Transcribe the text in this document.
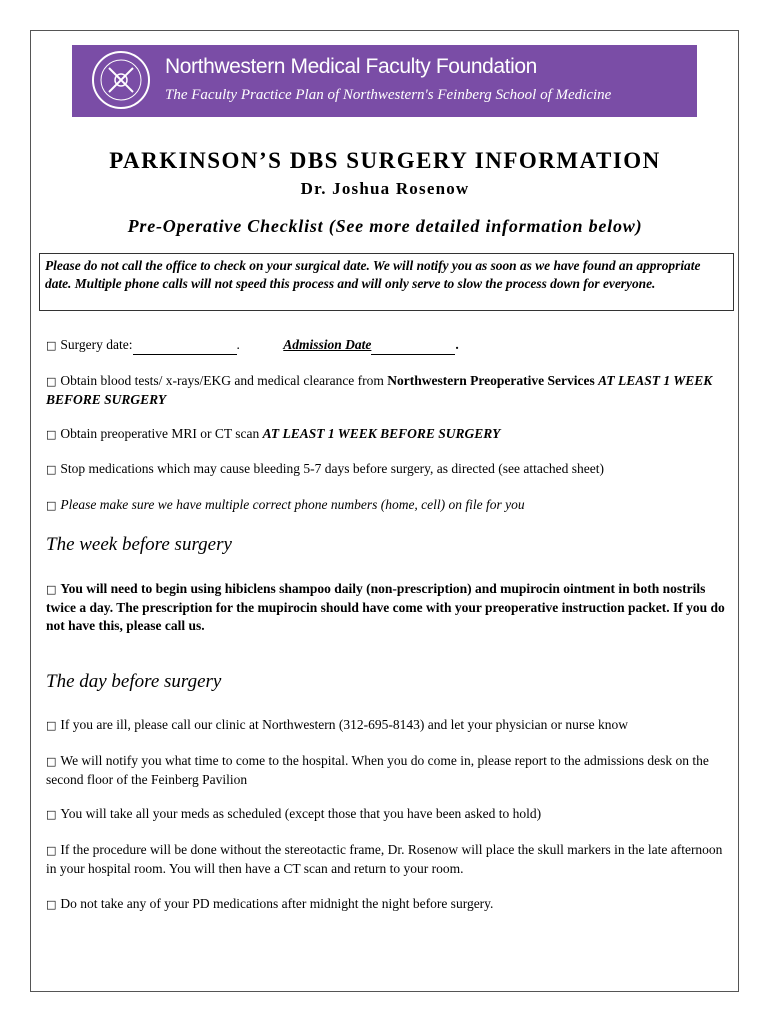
Northwestern Medical Faculty Foundation
The Faculty Practice Plan of Northwestern's Feinberg School of Medicine
PARKINSON’S DBS SURGERY INFORMATION
Dr. Joshua Rosenow
Pre-Operative Checklist (See more detailed information below)
Please do not call the office to check on your surgical date. We will notify you as soon as we have found an appropriate date. Multiple phone calls will not speed this process and will only serve to slow the process down for everyone.
□ Surgery date:	.	Admission Date	.
□ Obtain blood tests/ x-rays/EKG and medical clearance from Northwestern Preoperative Services AT LEAST 1 WEEK BEFORE SURGERY
□ Obtain preoperative MRI or CT scan AT LEAST 1 WEEK BEFORE SURGERY
□ Stop medications which may cause bleeding 5-7 days before surgery, as directed (see attached sheet)
□ Please make sure we have multiple correct phone numbers (home, cell) on file for you
The week before surgery
□ You will need to begin using hibiclens shampoo daily (non-prescription) and mupirocin ointment in both nostrils twice a day. The prescription for the mupirocin should have come with your preoperative instruction packet. If you do not have this, please call us.
The day before surgery
□ If you are ill, please call our clinic at Northwestern (312-695-8143) and let your physician or nurse know
□ We will notify you what time to come to the hospital. When you do come in, please report to the admissions desk on the second floor of the Feinberg Pavilion
□ You will take all your meds as scheduled (except those that you have been asked to hold)
□ If the procedure will be done without the stereotactic frame, Dr. Rosenow will place the skull markers in the late afternoon in your hospital room. You will then have a CT scan and return to your room.
□ Do not take any of your PD medications after midnight the night before surgery.
